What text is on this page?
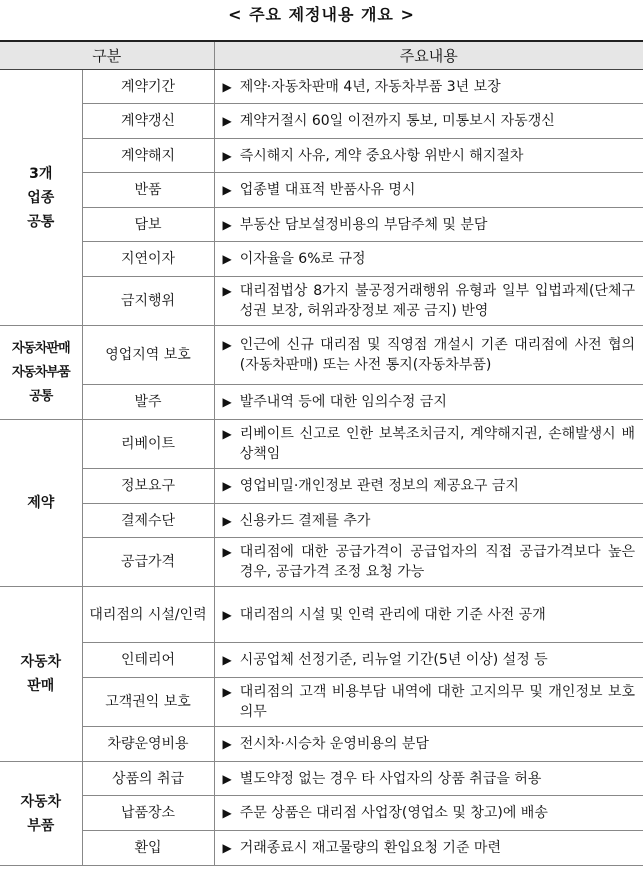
< 주요 제정내용 개요 >
구분		주요내용

3개
업종
공통	계약기간	▶ 제약·자동차판매 4년, 자동차부품 3년 보장

	계약갱신	▶ 계약거절시 60일 이전까지 통보, 미통보시 자동갱신

	계약해지	▶ 즉시해지 사유, 계약 중요사항 위반시 해지절차

	반품	▶ 업종별 대표적 반품사유 명시

	담보	▶ 부동산 담보설정비용의 부담주체 및 분담

	지연이자	▶ 이자율을 6%로 규정

	금지행위	▶ 대리점법상 8가지 불공정거래행위 유형과 일부 입법과제(단체구성권 보장, 허위과장정보 제공 금지) 반영

자동차판매
자동차부품
공통	영업지역 보호	▶ 인근에 신규 대리점 및 직영점 개설시 기존 대리점에 사전 협의(자동차판매) 또는 사전 통지(자동차부품)

	발주	▶ 발주내역 등에 대한 임의수정 금지

제약	리베이트	▶ 리베이트 신고로 인한 보복조치금지, 계약해지권, 손해발생시 배상책임

	정보요구	▶ 영업비밀·개인정보 관련 정보의 제공요구 금지

	결제수단	▶ 신용카드 결제를 추가

	공급가격	▶ 대리점에 대한 공급가격이 공급업자의 직접 공급가격보다 높은 경우, 공급가격 조정 요청 가능

자동차
판매	대리점의 시설/인력	▶ 대리점의 시설 및 인력 관리에 대한 기준 사전 공개

	인테리어	▶ 시공업체 선정기준, 리뉴얼 기간(5년 이상) 설정 등

	고객권익 보호	▶ 대리점의 고객 비용부담 내역에 대한 고지의무 및 개인정보 보호의무

	차량운영비용	▶ 전시차·시승차 운영비용의 분담

자동차
부품	상품의 취급	▶ 별도약정 없는 경우 타 사업자의 상품 취급을 허용

	납품장소	▶ 주문 상품은 대리점 사업장(영업소 및 창고)에 배송

	환입	▶ 거래종료시 재고물량의 환입요청 기준 마련
